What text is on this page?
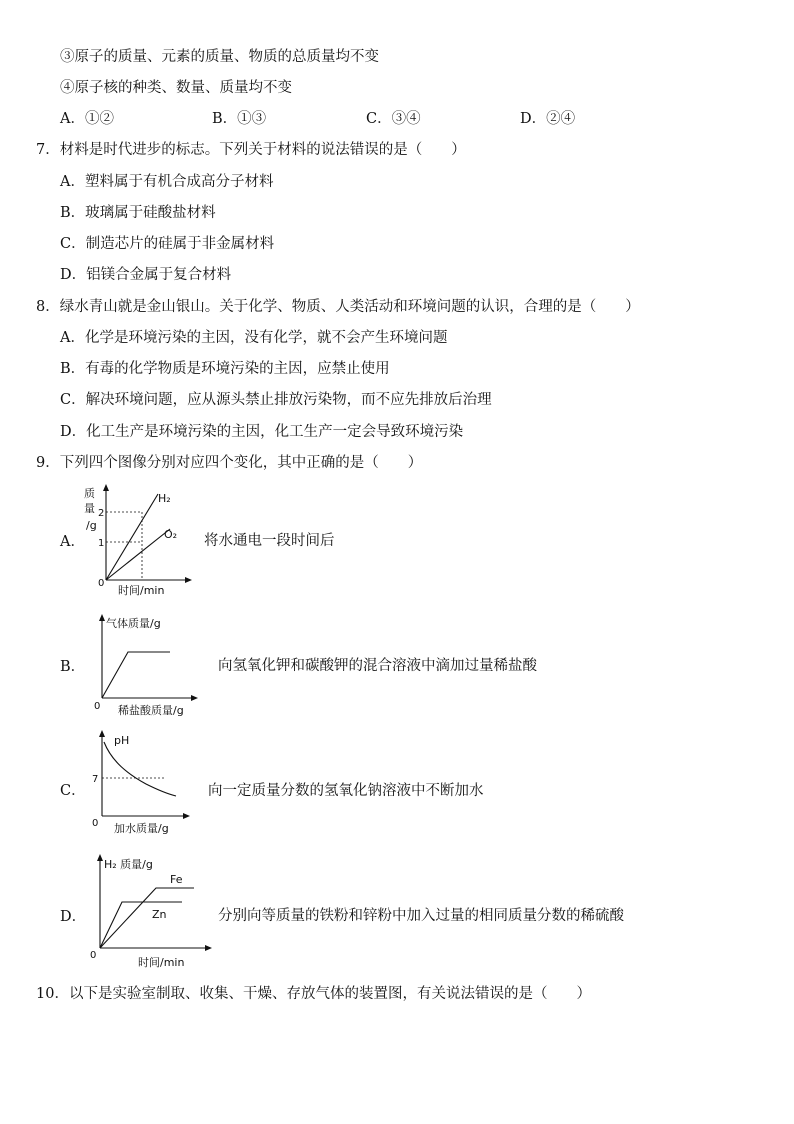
③原子的质量、元素的质量、物质的总质量均不变
④原子核的种类、数量、质量均不变
A．①②	B．①③	C．③④	D．②④
7．材料是时代进步的标志。下列关于材料的说法错误的是（　　）
A．塑料属于有机合成高分子材料
B．玻璃属于硅酸盐材料
C．制造芯片的硅属于非金属材料
D．铝镁合金属于复合材料
8．绿水青山就是金山银山。关于化学、物质、人类活动和环境问题的认识，合理的是（　　）
A．化学是环境污染的主因，没有化学，就不会产生环境问题
B．有毒的化学物质是环境污染的主因，应禁止使用
C．解决环境问题，应从源头禁止排放污染物，而不应先排放后治理
D．化工生产是环境污染的主因，化工生产一定会导致环境污染
9．下列四个图像分别对应四个变化，其中正确的是（　　）
A．
质
量
/g
2
1
0
H₂
O₂
时间/min
将水通电一段时间后
B．
气体质量/g
0 稀盐酸质量/g
向氢氧化钾和碳酸钾的混合溶液中滴加过量稀盐酸
C．
pH
7
0 加水质量/g
向一定质量分数的氢氧化钠溶液中不断加水
D．
H₂ 质量/g
Fe
Zn
0
时间/min
分别向等质量的铁粉和锌粉中加入过量的相同质量分数的稀硫酸
10．以下是实验室制取、收集、干燥、存放气体的装置图，有关说法错误的是（　　）
